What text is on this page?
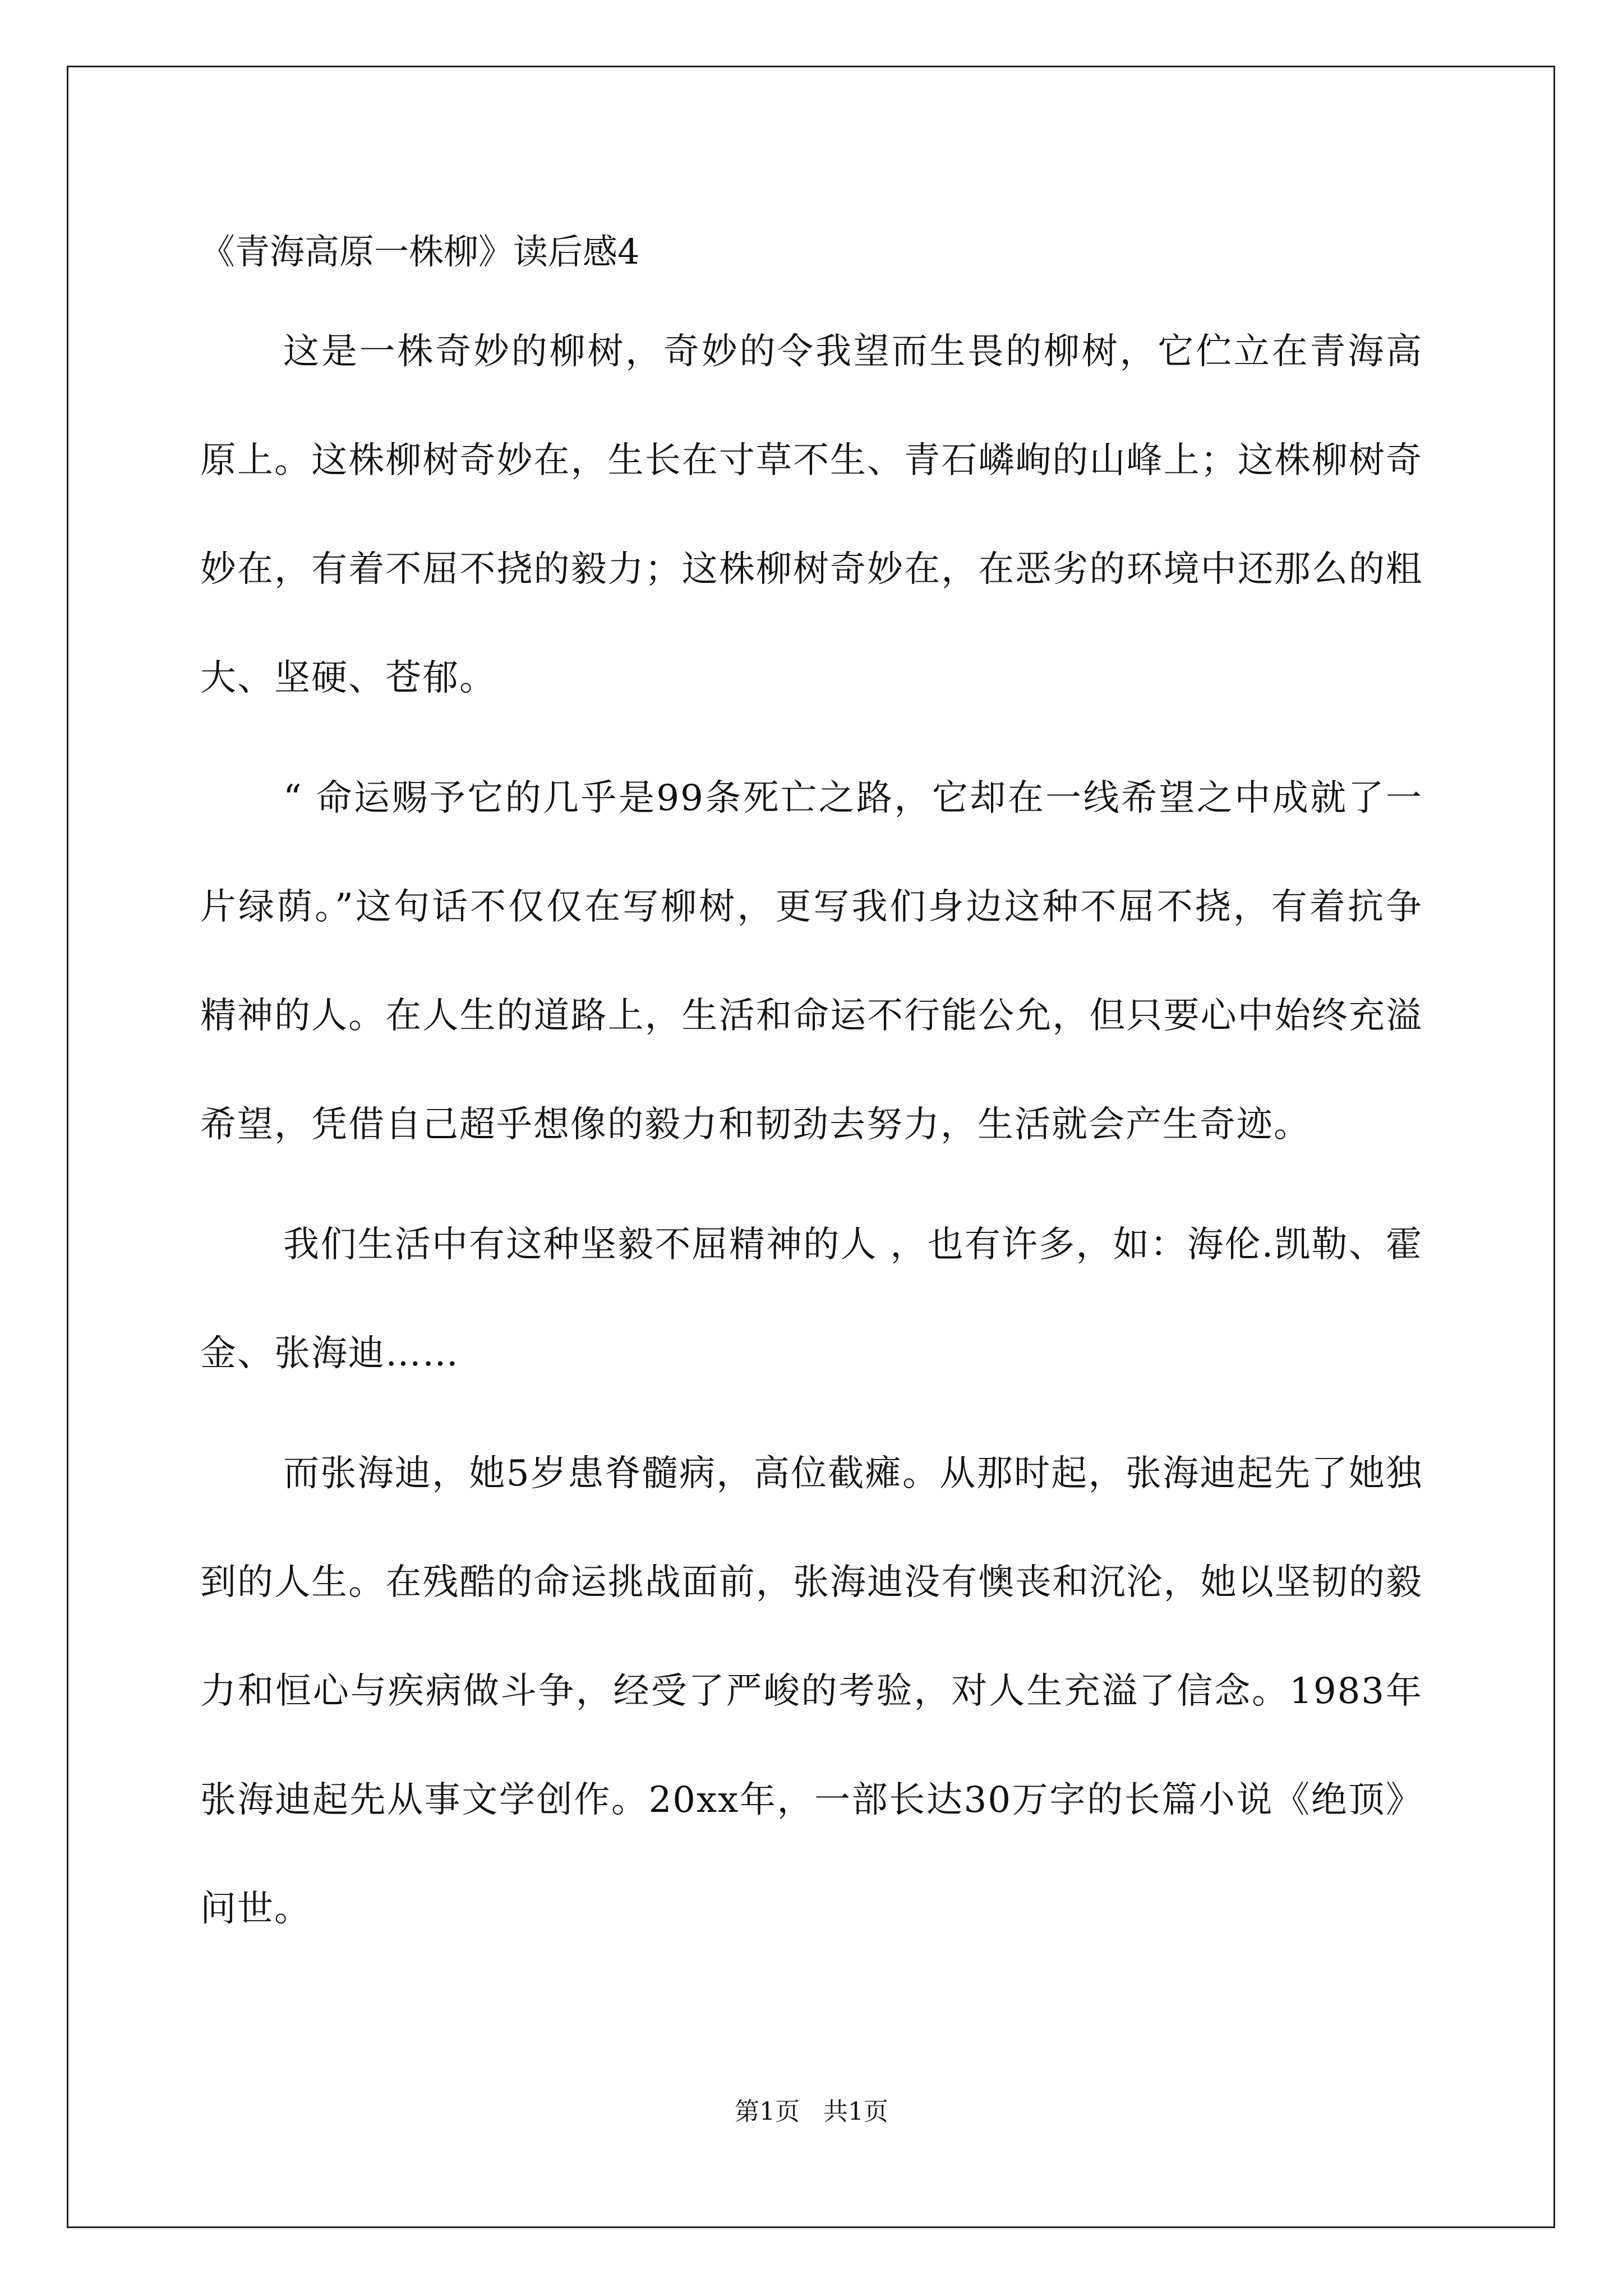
《青海高原一株柳》读后感4

这是一株奇妙的柳树，奇妙的令我望而生畏的柳树，它伫立在青海高原上。这株柳树奇妙在，生长在寸草不生、青石嶙峋的山峰上；这株柳树奇妙在，有着不屈不挠的毅力；这株柳树奇妙在，在恶劣的环境中还那么的粗大、坚硬、苍郁。

“ 命运赐予它的几乎是99条死亡之路，它却在一线希望之中成就了一片绿荫。”这句话不仅仅在写柳树，更写我们身边这种不屈不挠，有着抗争精神的人。在人生的道路上，生活和命运不行能公允，但只要心中始终充溢希望，凭借自己超乎想像的毅力和韧劲去努力，生活就会产生奇迹。

我们生活中有这种坚毅不屈精神的人 ，也有许多，如：海伦.凯勒、霍金、张海迪……

而张海迪，她5岁患脊髓病，高位截瘫。从那时起，张海迪起先了她独到的人生。在残酷的命运挑战面前，张海迪没有懊丧和沉沦，她以坚韧的毅力和恒心与疾病做斗争，经受了严峻的考验，对人生充溢了信念。1983年张海迪起先从事文学创作。20xx年，一部长达30万字的长篇小说《绝顶》问世。

第1页   共1页
